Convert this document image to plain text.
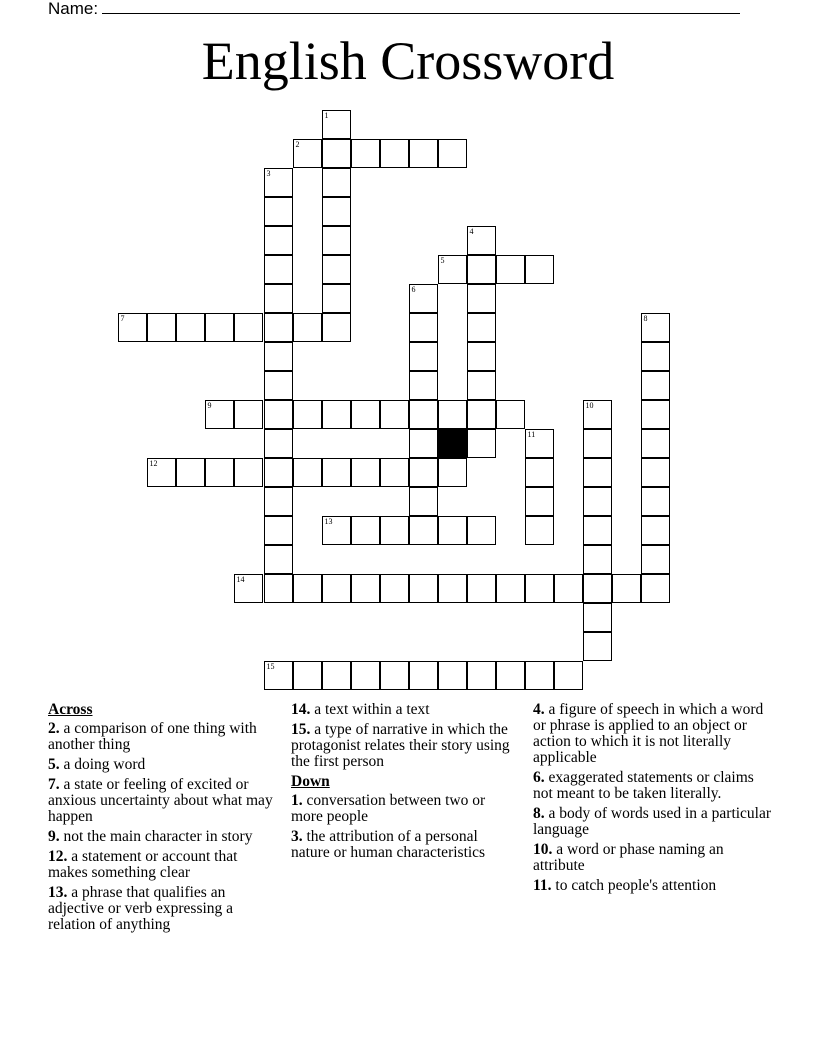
Name:
English Crossword
1
2
3
4
5
6
7	8
9	10
11
12
13
14
15
Across
2. a comparison of one thing with another thing
5. a doing word
7. a state or feeling of excited or anxious uncertainty about what may happen
9. not the main character in story
12. a statement or account that makes something clear
13. a phrase that qualifies an adjective or verb expressing a relation of anything
14. a text within a text
15. a type of narrative in which the protagonist relates their story using the first person
Down
1. conversation between two or more people
3. the attribution of a personal nature or human characteristics
4. a figure of speech in which a word or phrase is applied to an object or action to which it is not literally applicable
6. exaggerated statements or claims not meant to be taken literally.
8. a body of words used in a particular language
10. a word or phase naming an attribute
11. to catch people's attention
